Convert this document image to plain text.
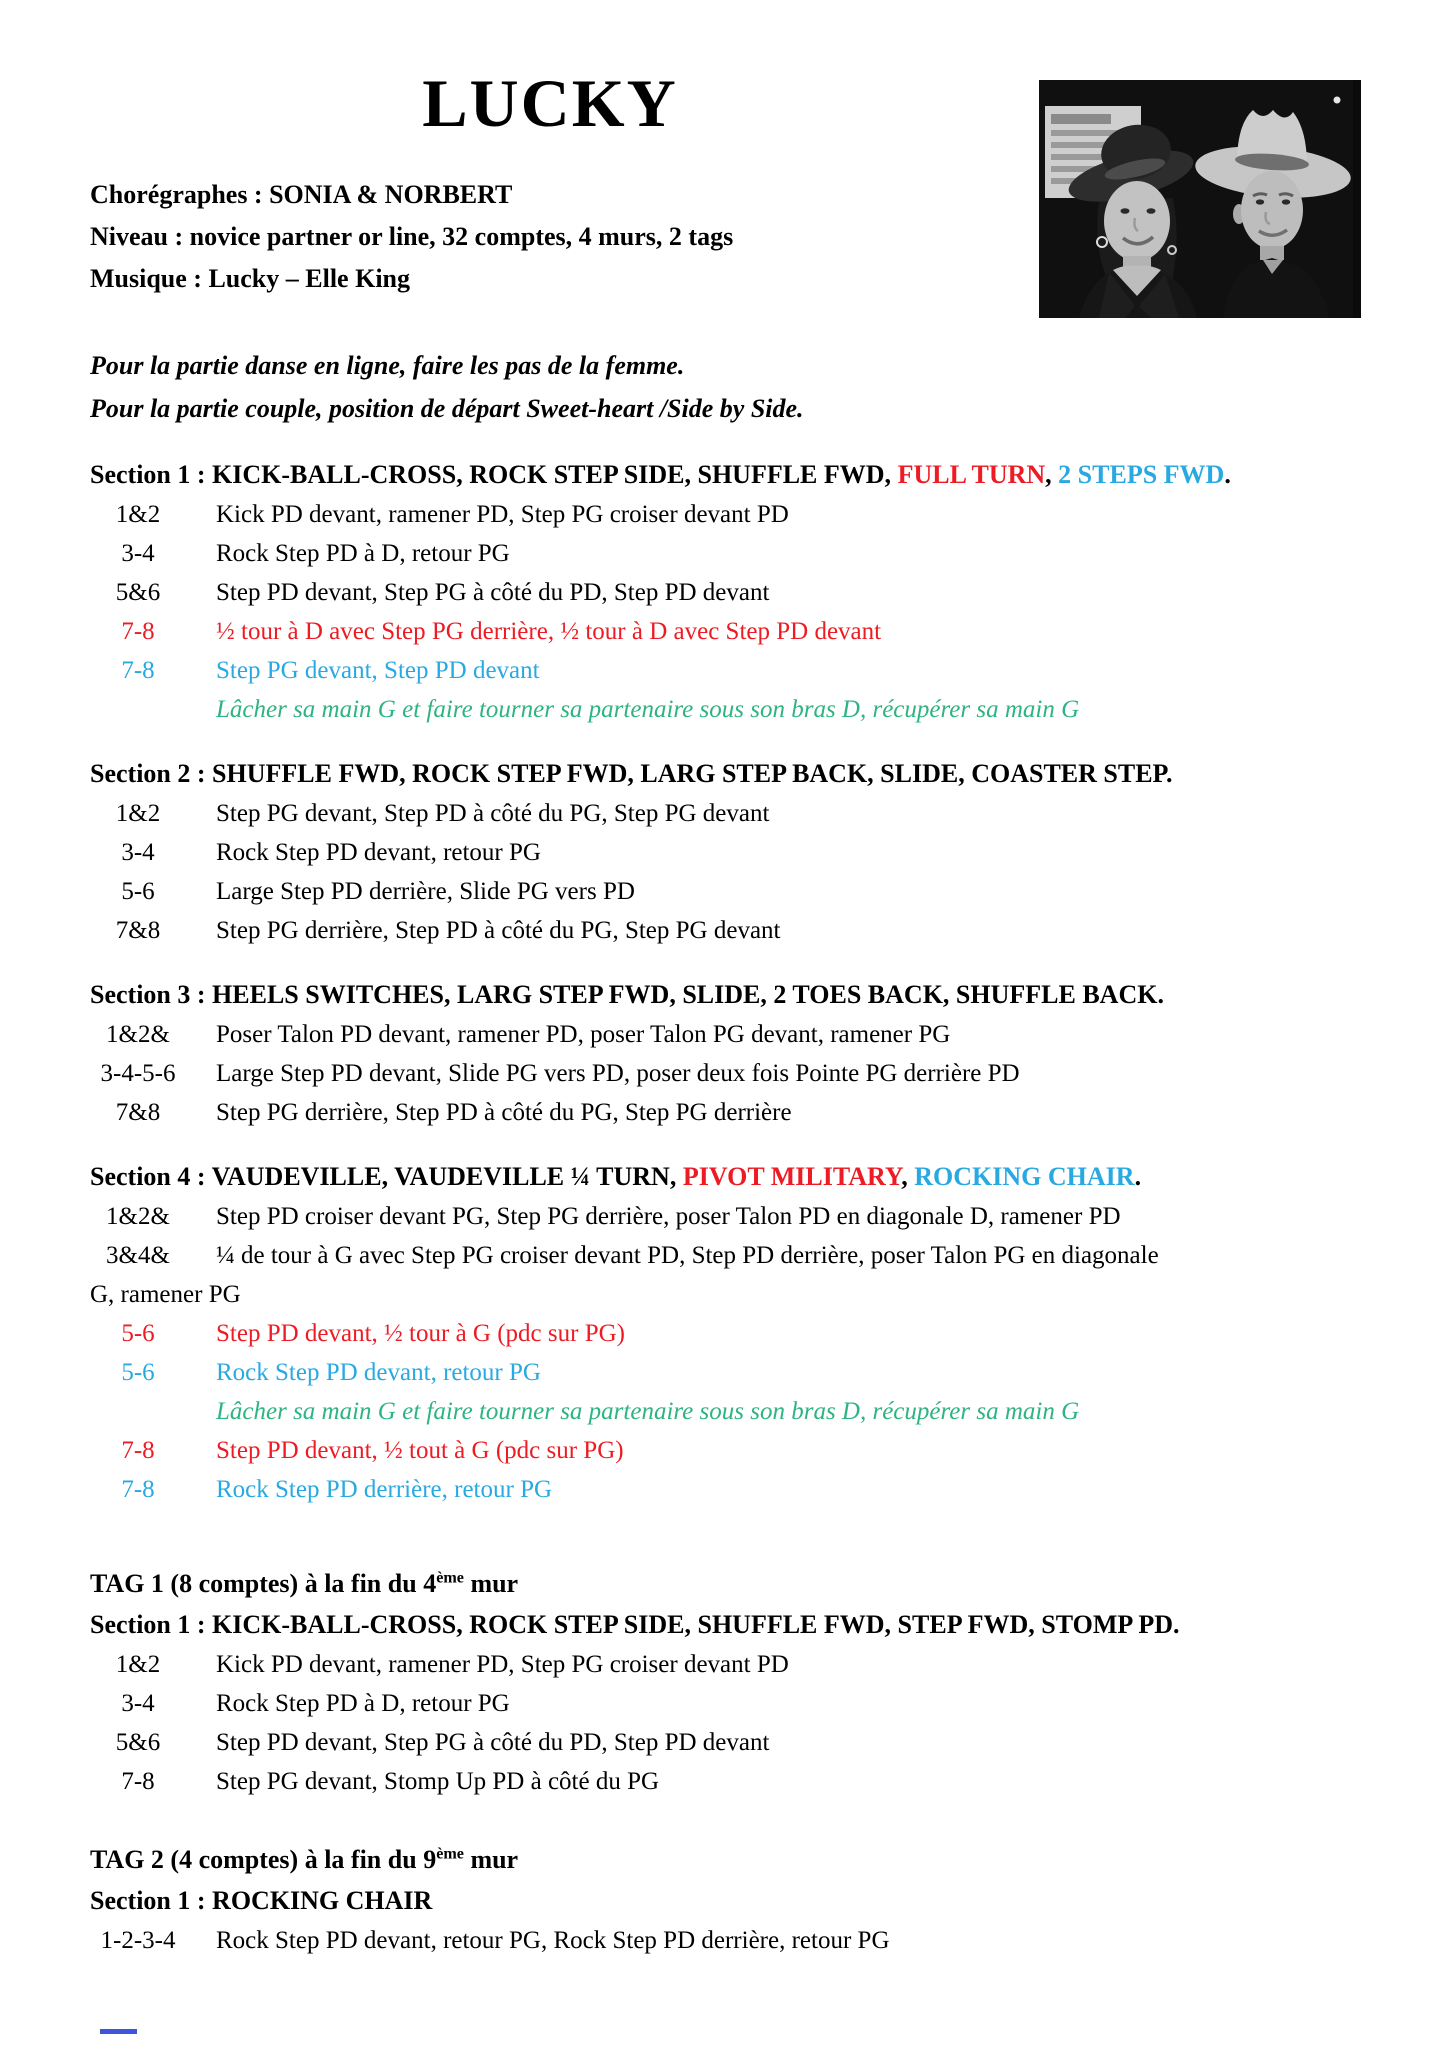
LUCKY
Chorégraphes : SONIA & NORBERT
Niveau : novice partner or line, 32 comptes, 4 murs, 2 tags
Musique : Lucky – Elle King
Pour la partie danse en ligne, faire les pas de la femme.
Pour la partie couple, position de départ Sweet-heart /Side by Side.
Section 1 : KICK-BALL-CROSS, ROCK STEP SIDE, SHUFFLE FWD, FULL TURN, 2 STEPS FWD.
1&2	Kick PD devant, ramener PD, Step PG croiser devant PD
3-4	Rock Step PD à D, retour PG
5&6	Step PD devant, Step PG à côté du PD, Step PD devant
7-8	½ tour à D avec Step PG derrière, ½ tour à D avec Step PD devant
7-8	Step PG devant, Step PD devant
Lâcher sa main G et faire tourner sa partenaire sous son bras D, récupérer sa main G
Section 2 : SHUFFLE FWD, ROCK STEP FWD, LARG STEP BACK, SLIDE, COASTER STEP.
1&2	Step PG devant, Step PD à côté du PG, Step PG devant
3-4	Rock Step PD devant, retour PG
5-6	Large Step PD derrière, Slide PG vers PD
7&8	Step PG derrière, Step PD à côté du PG, Step PG devant
Section 3 : HEELS SWITCHES, LARG STEP FWD, SLIDE, 2 TOES BACK, SHUFFLE BACK.
1&2&	Poser Talon PD devant, ramener PD, poser Talon PG devant, ramener PG
3-4-5-6	Large Step PD devant, Slide PG vers PD, poser deux fois Pointe PG derrière PD
7&8	Step PG derrière, Step PD à côté du PG, Step PG derrière
Section 4 : VAUDEVILLE, VAUDEVILLE ¼ TURN, PIVOT MILITARY, ROCKING CHAIR.
1&2&	Step PD croiser devant PG, Step PG derrière, poser Talon PD en diagonale D, ramener PD
3&4&	¼ de tour à G avec Step PG croiser devant PD, Step PD derrière, poser Talon PG en diagonale
G, ramener PG
5-6	Step PD devant, ½ tour à G (pdc sur PG)
5-6	Rock Step PD devant, retour PG
Lâcher sa main G et faire tourner sa partenaire sous son bras D, récupérer sa main G
7-8	Step PD devant, ½ tout à G (pdc sur PG)
7-8	Rock Step PD derrière, retour PG
TAG 1 (8 comptes) à la fin du 4ème mur
Section 1 : KICK-BALL-CROSS, ROCK STEP SIDE, SHUFFLE FWD, STEP FWD, STOMP PD.
1&2	Kick PD devant, ramener PD, Step PG croiser devant PD
3-4	Rock Step PD à D, retour PG
5&6	Step PD devant, Step PG à côté du PD, Step PD devant
7-8	Step PG devant, Stomp Up PD à côté du PG
TAG 2 (4 comptes) à la fin du 9ème mur
Section 1 : ROCKING CHAIR
1-2-3-4	Rock Step PD devant, retour PG, Rock Step PD derrière, retour PG
